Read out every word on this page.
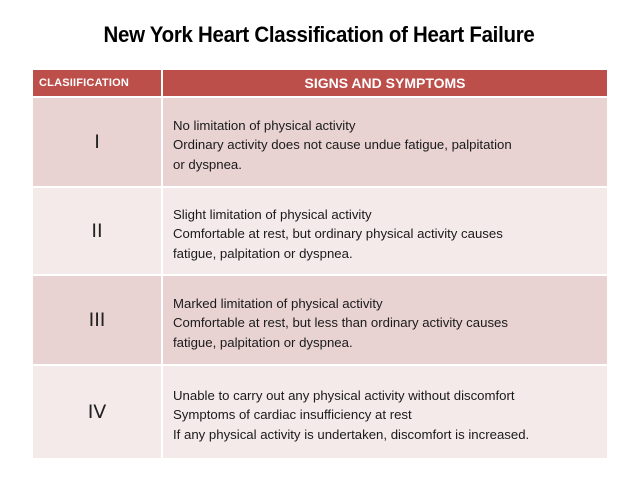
New York Heart Classification of Heart Failure
CLASIIFICATION	SIGNS AND SYMPTOMS
I	No limitation of physical activity
Ordinary activity does not cause undue fatigue, palpitation
or dyspnea.

II	Slight limitation of physical activity
Comfortable at rest, but ordinary physical activity causes
fatigue, palpitation or dyspnea.

III	Marked limitation of physical activity
Comfortable at rest, but less than ordinary activity causes
fatigue, palpitation or dyspnea.

IV	Unable to carry out any physical activity without discomfort
Symptoms of cardiac insufficiency at rest
If any physical activity is undertaken, discomfort is increased.
